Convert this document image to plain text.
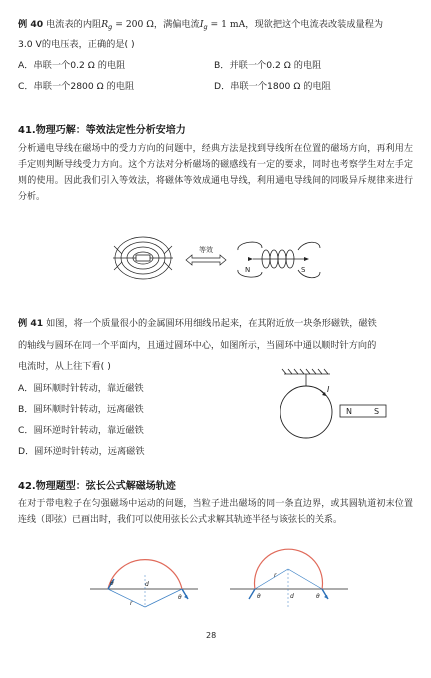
例 40 电流表的内阻$R_g = 200$ Ω，满偏电流$I_g = 1$ mA，现欲把这个电流表改装成量程为
3.0 V的电压表，正确的是( )
A．串联一个0.2 Ω 的电阻	B．并联一个0.2 Ω 的电阻
C．串联一个2800 Ω 的电阻	D．串联一个1800 Ω 的电阻
41.物理巧解：等效法定性分析安培力
分析通电导线在磁场中的受力方向的问题中，经典方法是找到导线所在位置的磁场方向，再利用左手定则判断导线受力方向。这个方法对分析磁场的磁感线有一定的要求，同时也考察学生对左手定则的使用。因此我们引入等效法，将磁体等效成通电导线，利用通电导线间的同吸异斥规律来进行分析。
等效
N	S
例 41 如图，将一个质量很小的金属圆环用细线吊起来，在其附近放一块条形磁铁，磁铁
的轴线与圆环在同一个平面内，且通过圆环中心，如图所示，当圆环中通以顺时针方向的
电流时，从上往下看( )
A．圆环顺时针转动，靠近磁铁
B．圆环顺时针转动，远离磁铁
C．圆环逆时针转动，靠近磁铁
D．圆环逆时针转动，远离磁铁
I
N	S
42.物理题型：弦长公式解磁场轨迹
在对于带电粒子在匀强磁场中运动的问题，当粒子进出磁场的同一条直边界，或其圆轨道初末位置连线（即弦）已画出时，我们可以使用弦长公式求解其轨迹半径与该弦长的关系。
θ
θ
d
r
θ	θ
d
r
28
